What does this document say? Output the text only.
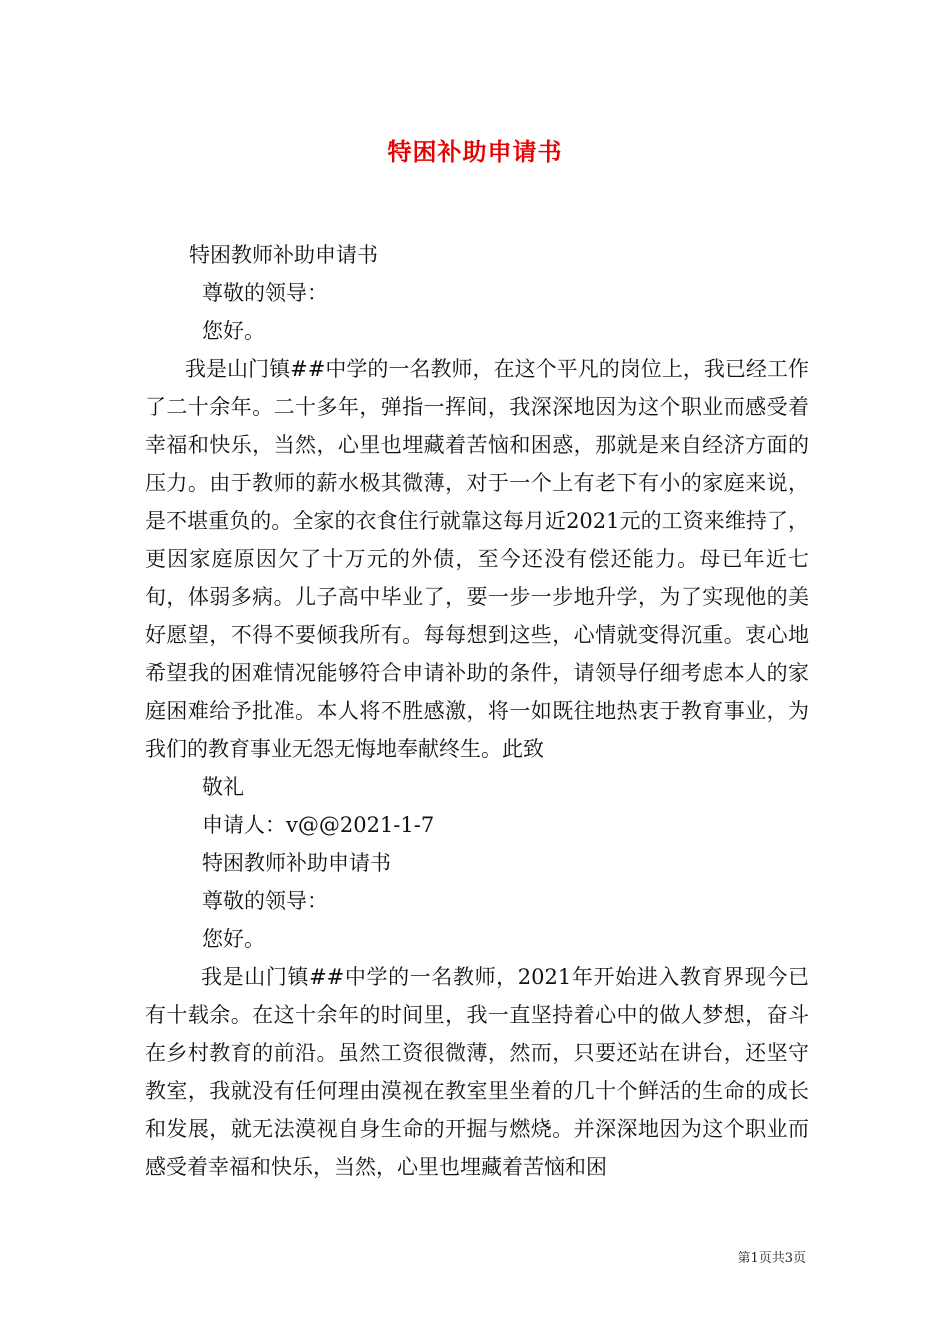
特困补助申请书
特困教师补助申请书
尊敬的领导：
您好。
我是山门镇##中学的一名教师，在这个平凡的岗位上，我已经工作了二十余年。二十多年，弹指一挥间，我深深地因为这个职业而感受着幸福和快乐，当然，心里也埋藏着苦恼和困惑，那就是来自经济方面的压力。由于教师的薪水极其微薄，对于一个上有老下有小的家庭来说，是不堪重负的。全家的衣食住行就靠这每月近2021元的工资来维持了，更因家庭原因欠了十万元的外债，至今还没有偿还能力。母已年近七旬，体弱多病。儿子高中毕业了，要一步一步地升学，为了实现他的美好愿望，不得不要倾我所有。每每想到这些，心情就变得沉重。衷心地希望我的困难情况能够符合申请补助的条件，请领导仔细考虑本人的家庭困难给予批准。本人将不胜感激，将一如既往地热衷于教育事业，为我们的教育事业无怨无悔地奉献终生。此致
敬礼
申请人：v@@2021-1-7
特困教师补助申请书
尊敬的领导：
您好。
我是山门镇##中学的一名教师，2021年开始进入教育界现今已有十载余。在这十余年的时间里，我一直坚持着心中的做人梦想，奋斗在乡村教育的前沿。虽然工资很微薄，然而，只要还站在讲台，还坚守教室，我就没有任何理由漠视在教室里坐着的几十个鲜活的生命的成长和发展，就无法漠视自身生命的开掘与燃烧。并深深地因为这个职业而感受着幸福和快乐，当然，心里也埋藏着苦恼和困
第1页共3页
